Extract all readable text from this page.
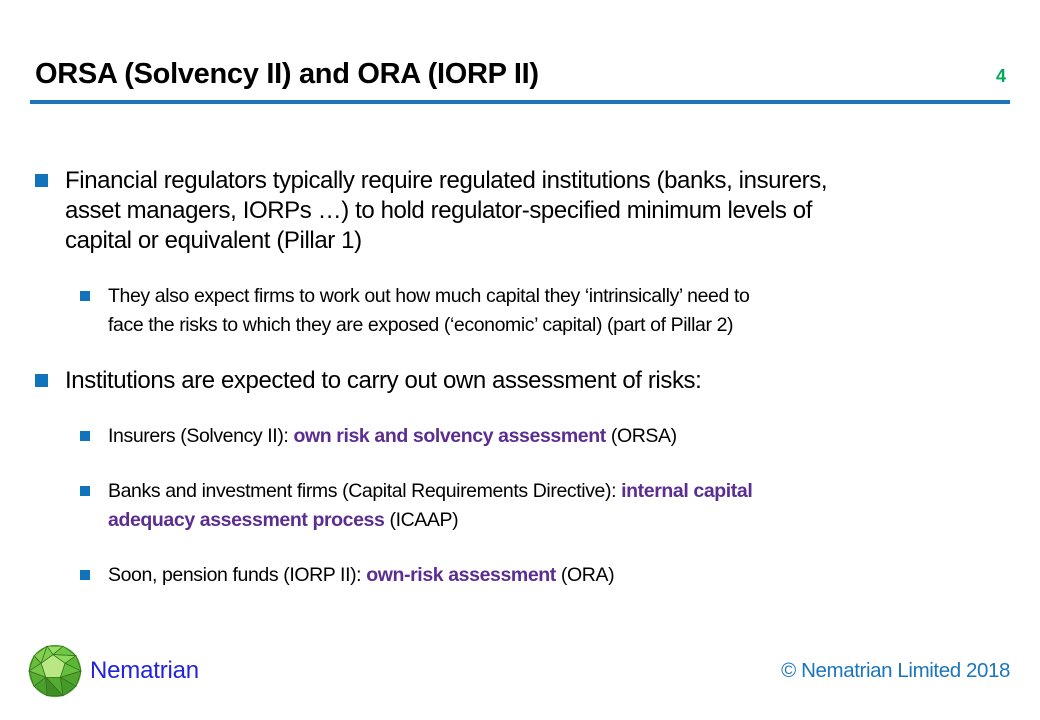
ORSA (Solvency II) and ORA (IORP II)	4
Financial regulators typically require regulated institutions (banks, insurers,
asset managers, IORPs …) to hold regulator-specified minimum levels of
capital or equivalent (Pillar 1)
They also expect firms to work out how much capital they ‘intrinsically’ need to
face the risks to which they are exposed (‘economic’ capital) (part of Pillar 2)
Institutions are expected to carry out own assessment of risks:
Insurers (Solvency II): own risk and solvency assessment (ORSA)
Banks and investment firms (Capital Requirements Directive): internal capital
adequacy assessment process (ICAAP)
Soon, pension funds (IORP II): own-risk assessment (ORA)
Nematrian	© Nematrian Limited 2018
